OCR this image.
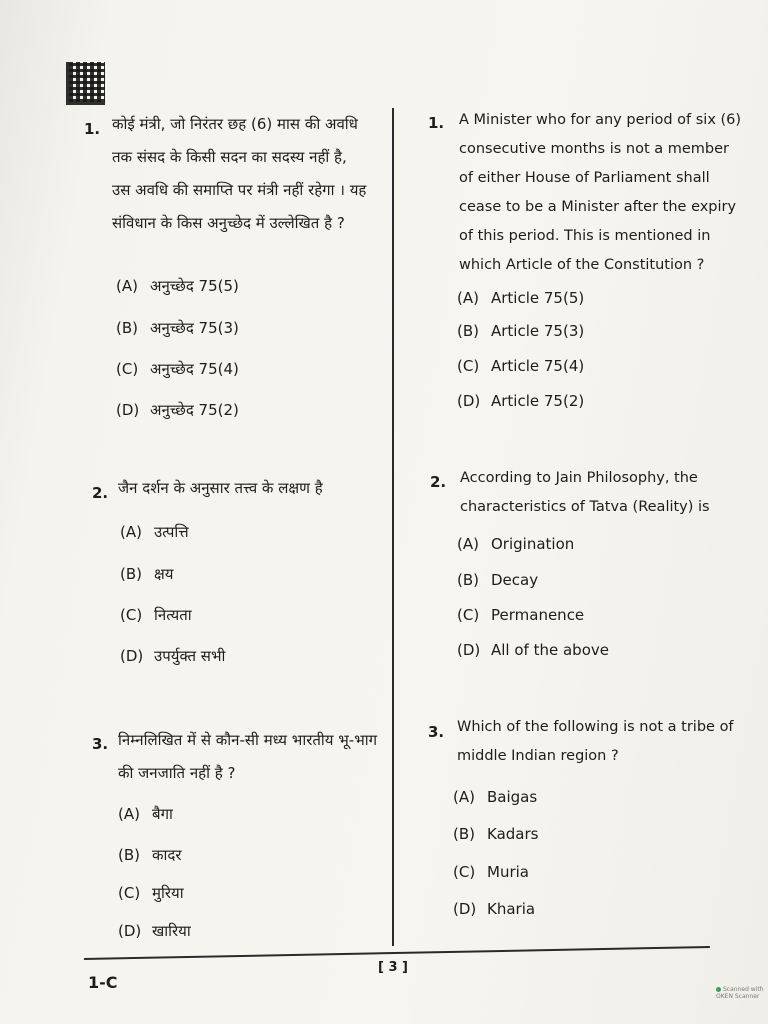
1. कोई मंत्री, जो निरंतर छह (6) मास की अवधि
तक संसद के किसी सदन का सदस्य नहीं है,
उस अवधि की समाप्ति पर मंत्री नहीं रहेगा । यह
संविधान के किस अनुच्छेद में उल्लेखित है ?
(A) अनुच्छेद 75(5)
(B) अनुच्छेद 75(3)
(C) अनुच्छेद 75(4)
(D) अनुच्छेद 75(2)
2. जैन दर्शन के अनुसार तत्त्व के लक्षण है
(A) उत्पत्ति
(B) क्षय
(C) नित्यता
(D) उपर्युक्त सभी
3. निम्नलिखित में से कौन-सी मध्य भारतीय भू-भाग
की जनजाति नहीं है ?
(A) बैगा
(B) कादर
(C) मुरिया
(D) खारिया
1. A Minister who for any period of six (6)
consecutive months is not a member
of either House of Parliament shall
cease to be a Minister after the expiry
of this period. This is mentioned in
which Article of the Constitution ?
(A) Article 75(5)
(B) Article 75(3)
(C) Article 75(4)
(D) Article 75(2)
2. According to Jain Philosophy, the
characteristics of Tatva (Reality) is
(A) Origination
(B) Decay
(C) Permanence
(D) All of the above
3. Which of the following is not a tribe of
middle Indian region ?
(A) Baigas
(B) Kadars
(C) Muria
(D) Kharia
[ 3 ]
1-C	Scanned with OKEN Scanner
